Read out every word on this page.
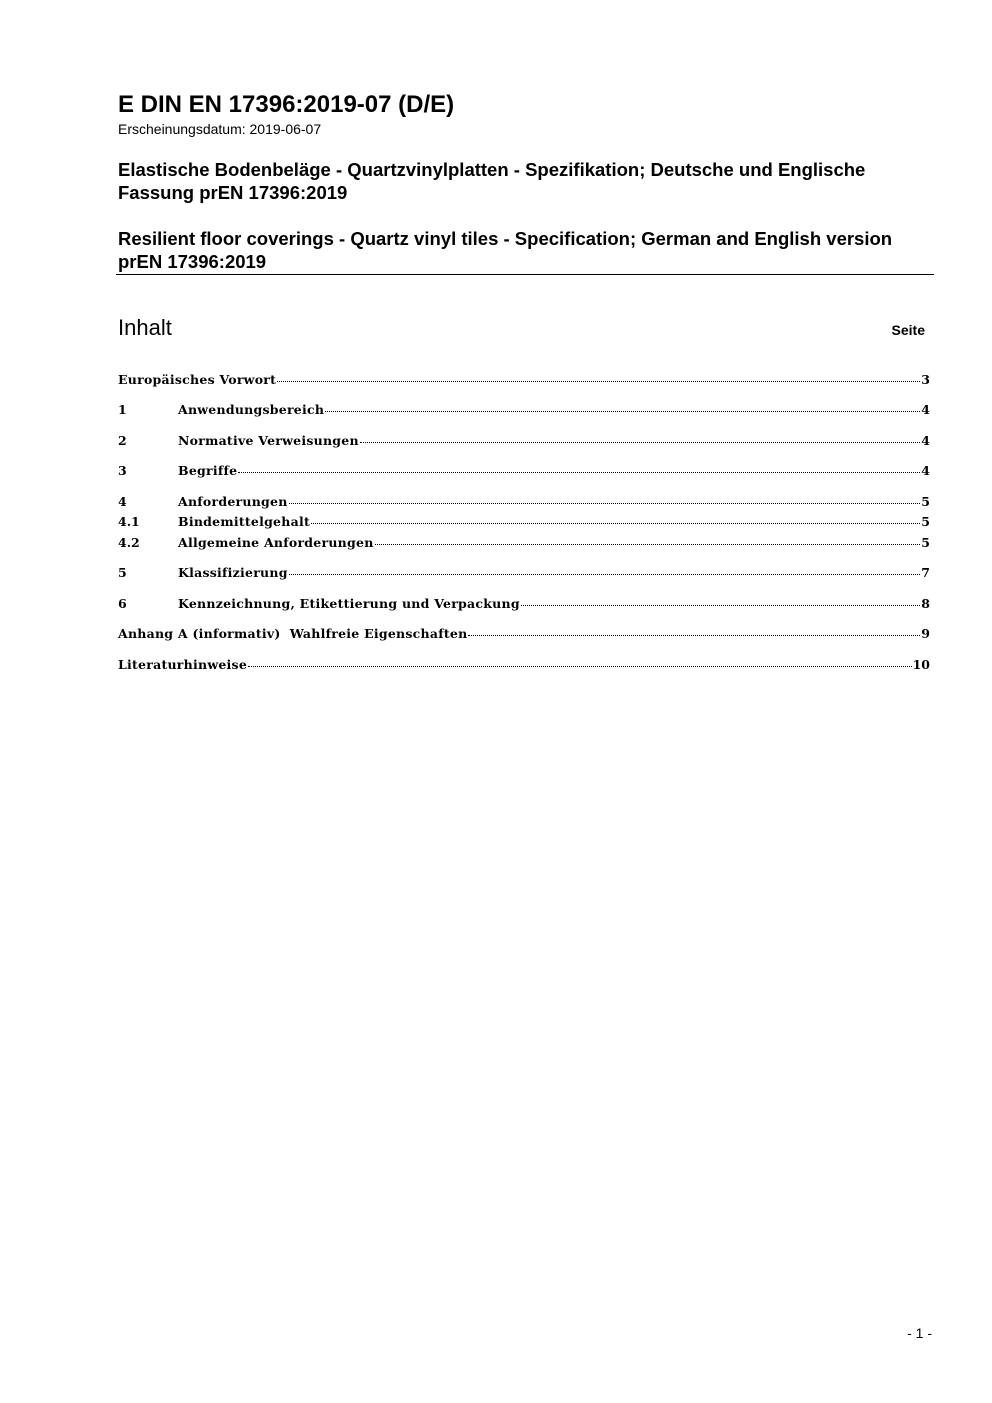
E DIN EN 17396:2019-07 (D/E)
Erscheinungsdatum: 2019-06-07
Elastische Bodenbeläge - Quartzvinylplatten - Spezifikation; Deutsche und Englische Fassung prEN 17396:2019
Resilient floor coverings - Quartz vinyl tiles - Specification; German and English version prEN 17396:2019
Inhalt	Seite
Europäisches Vorwort	3
1	Anwendungsbereich	4
2	Normative Verweisungen	4
3	Begriffe	4
4	Anforderungen	5
4.1	Bindemittelgehalt	5
4.2	Allgemeine Anforderungen	5
5	Klassifizierung	7
6	Kennzeichnung, Etikettierung und Verpackung	8
Anhang A (informativ)  Wahlfreie Eigenschaften	9
Literaturhinweise	10
- 1 -
